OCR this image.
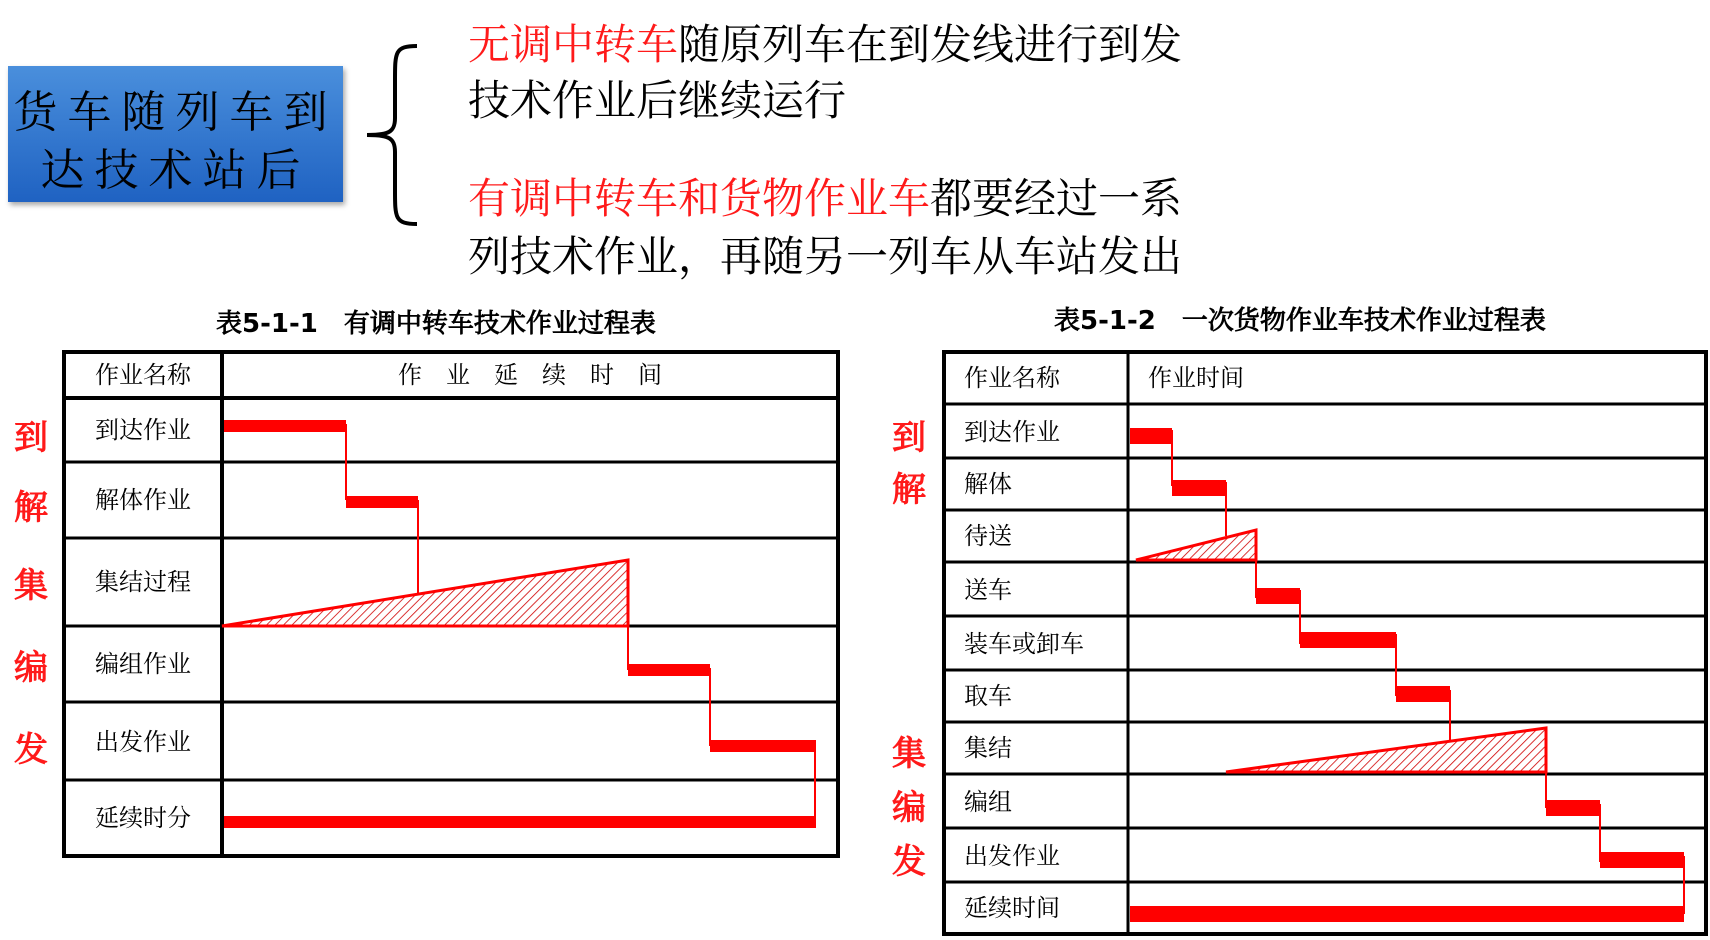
货车随列车到
达技术站后
无调中转车随原列车在到发线进行到发
技术作业后继续运行
有调中转车和货物作业车都要经过一系
列技术作业，再随另一列车从车站发出
表5-1-1　有调中转车技术作业过程表	表5-1-2　一次货物作业车技术作业过程表
到
解
集
编
发
到
解
集
编
发
作业名称	作　业　延　续　时　间
到达作业
解体作业
集结过程
编组作业
出发作业
延续时分
作业名称	作业时间
到达作业
解体
待送
送车
装车或卸车
取车
集结
编组
出发作业
延续时间
